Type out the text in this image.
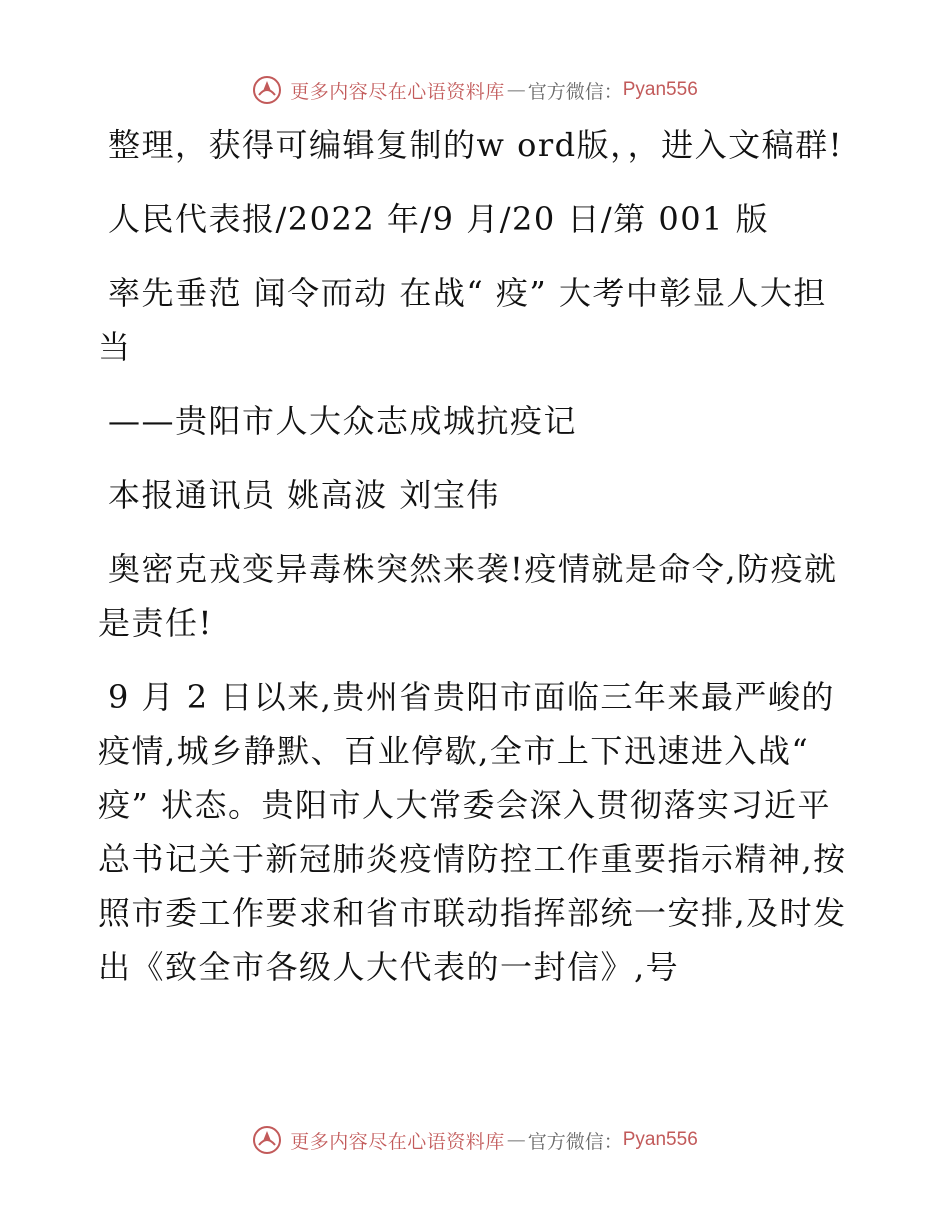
更多内容尽在心语资料库 — 官方微信： Pyan556

整理，获得可编辑复制的w ord版，，进入文稿群!

人民代表报/2022 年/9 月/20 日/第 001 版

率先垂范 闻令而动 在战“ 疫” 大考中彰显人大担当

——贵阳市人大众志成城抗疫记

本报通讯员 姚高波 刘宝伟

奥密克戎变异毒株突然来袭!疫情就是命令,防疫就是责任!

9 月 2 日以来,贵州省贵阳市面临三年来最严峻的疫情,城乡静默、百业停歇,全市上下迅速进入战“ 疫” 状态。贵阳市人大常委会深入贯彻落实习近平总书记关于新冠肺炎疫情防控工作重要指示精神,按照市委工作要求和省市联动指挥部统一安排,及时发出《致全市各级人大代表的一封信》,号

更多内容尽在心语资料库 — 官方微信： Pyan556
